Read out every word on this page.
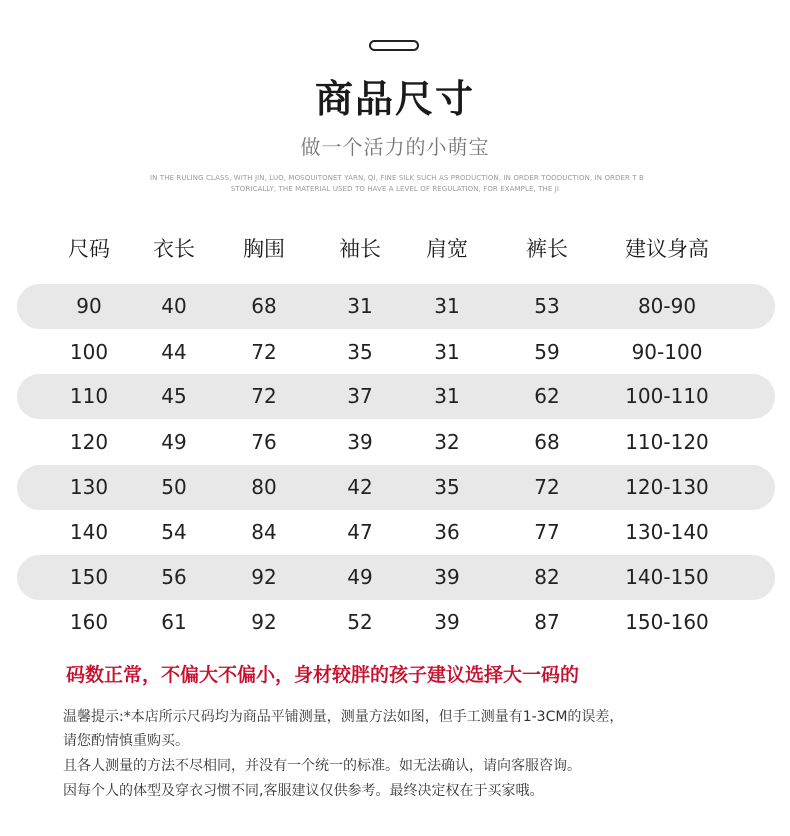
商品尺寸
做一个活力的小萌宝
IN THE RULING CLASS, WITH JIN, LUO, MOSQUITONET YARN, QI, FINE SILK SUCH AS PRODUCTION, IN ORDER TOODUCTION, IN ORDER T B
STORICALLY, THE MATERIAL USED TO HAVE A LEVEL OF REGULATION, FOR EXAMPLE, THE JI
尺码	衣长	胸围	袖长	肩宽	裤长	建议身高
90	40	68	31	31	53	80-90
100	44	72	35	31	59	90-100
110	45	72	37	31	62	100-110
120	49	76	39	32	68	110-120
130	50	80	42	35	72	120-130
140	54	84	47	36	77	130-140
150	56	92	49	39	82	140-150
160	61	92	52	39	87	150-160
码数正常，不偏大不偏小，身材较胖的孩子建议选择大一码的
温馨提示:*本店所示尺码均为商品平铺测量，测量方法如图，但手工测量有1-3CM的误差，
请您酌情慎重购买。
且各人测量的方法不尽相同，并没有一个统一的标准。如无法确认，请向客服咨询。
因每个人的体型及穿衣习惯不同,客服建议仅供参考。最终决定权在于买家哦。
